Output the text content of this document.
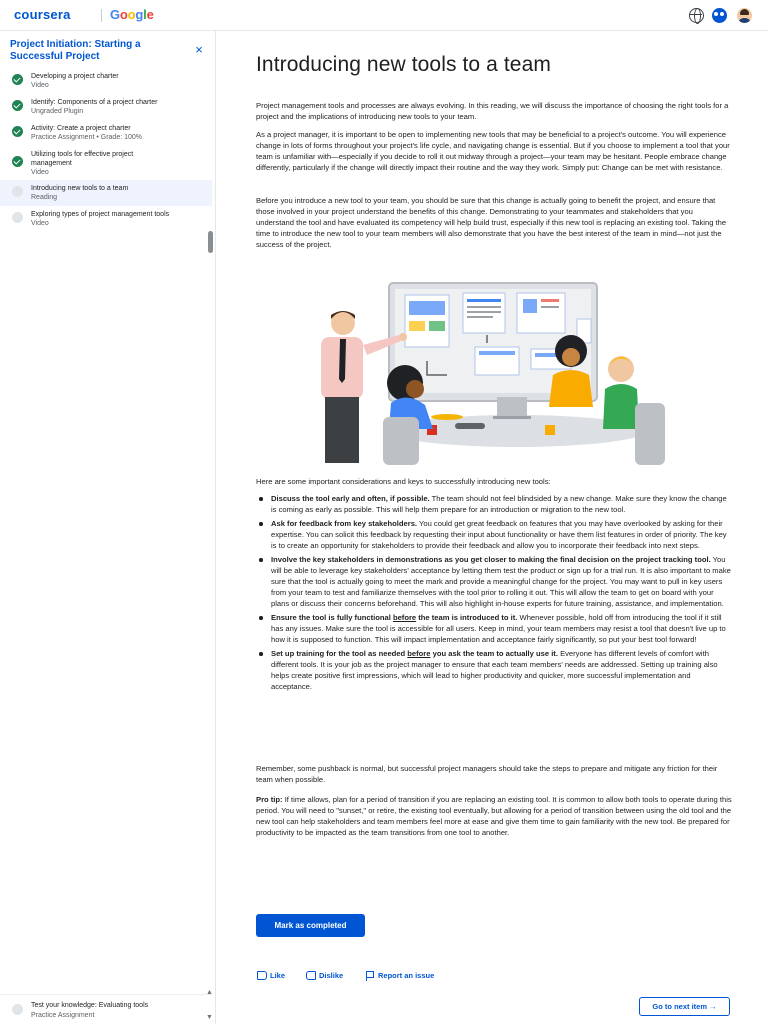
coursera	Google
Project Initiation: Starting a Successful Project	×
Developing a project charter
Video
Identify: Components of a project charter
Ungraded Plugin
Activity: Create a project charter
Practice Assignment • Grade: 100%
Utilizing tools for effective project management
Video
Introducing new tools to a team
Reading
Exploring types of project management tools
Video
Test your knowledge: Evaluating tools
Practice Assignment
▲
▼
Introducing new tools to a team

Project management tools and processes are always evolving. In this reading, we will discuss the importance of choosing the right tools for a project and the implications of introducing new tools to your team.

As a project manager, it is important to be open to implementing new tools that may be beneficial to a project's outcome. You will experience change in lots of forms throughout your project's life cycle, and navigating change is essential. But if you choose to implement a tool that your team is unfamiliar with—especially if you decide to roll it out midway through a project—your team may be hesitant. People embrace change differently, particularly if the change will directly impact their routine and the way they work. Simply put: Change can be met with resistance.

Before you introduce a new tool to your team, you should be sure that this change is actually going to benefit the project, and ensure that those involved in your project understand the benefits of this change. Demonstrating to your teammates and stakeholders that you understand the tool and have evaluated its competency will help build trust, especially if this new tool is replacing an existing tool. Taking the time to introduce the new tool to your team members will also demonstrate that you have the best interest of the team in mind—not just the success of the project.

Here are some important considerations and keys to successfully introducing new tools:

Discuss the tool early and often, if possible. The team should not feel blindsided by a new change. Make sure they know the change is coming as early as possible. This will help them prepare for an introduction or migration to the new tool.
Ask for feedback from key stakeholders. You could get great feedback on features that you may have overlooked by asking for their expertise. You can solicit this feedback by requesting their input about functionality or have them list features in order of priority. The key is to create an opportunity for stakeholders to provide their feedback and allow you to incorporate their feedback into next steps.
Involve the key stakeholders in demonstrations as you get closer to making the final decision on the project tracking tool. You will be able to leverage key stakeholders' acceptance by letting them test the product or sign up for a trial run. It is also important to make sure that the tool is actually going to meet the mark and provide a meaningful change for the project. You may want to pull in key users from your team to test and familiarize themselves with the tool prior to rolling it out. This will allow the team to get on board with your plans or discuss their concerns beforehand. This will also highlight in-house experts for future training, assistance, and implementation.
Ensure the tool is fully functional before the team is introduced to it. Whenever possible, hold off from introducing the tool if it still has any issues. Make sure the tool is accessible for all users. Keep in mind, your team members may resist a tool that doesn't live up to how it is supposed to function. This will impact implementation and acceptance fairly significantly, so put your best tool forward!
Set up training for the tool as needed before you ask the team to actually use it. Everyone has different levels of comfort with different tools. It is your job as the project manager to ensure that each team members' needs are addressed. Setting up training also helps create positive first impressions, which will lead to higher productivity and quicker, more successful implementation and acceptance.

Remember, some pushback is normal, but successful project managers should take the steps to prepare and mitigate any friction for their team when possible.

Pro tip: If time allows, plan for a period of transition if you are replacing an existing tool. It is common to allow both tools to operate during this period. You will need to "sunset," or retire, the existing tool eventually, but allowing for a period of transition between using the old tool and the new tool can help stakeholders and team members feel more at ease and give them time to gain familiarity with the new tool. Be prepared for productivity to be impacted as the team transitions from one tool to another.

Mark as completed
Like	Dislike	Report an issue
Go to next item →
